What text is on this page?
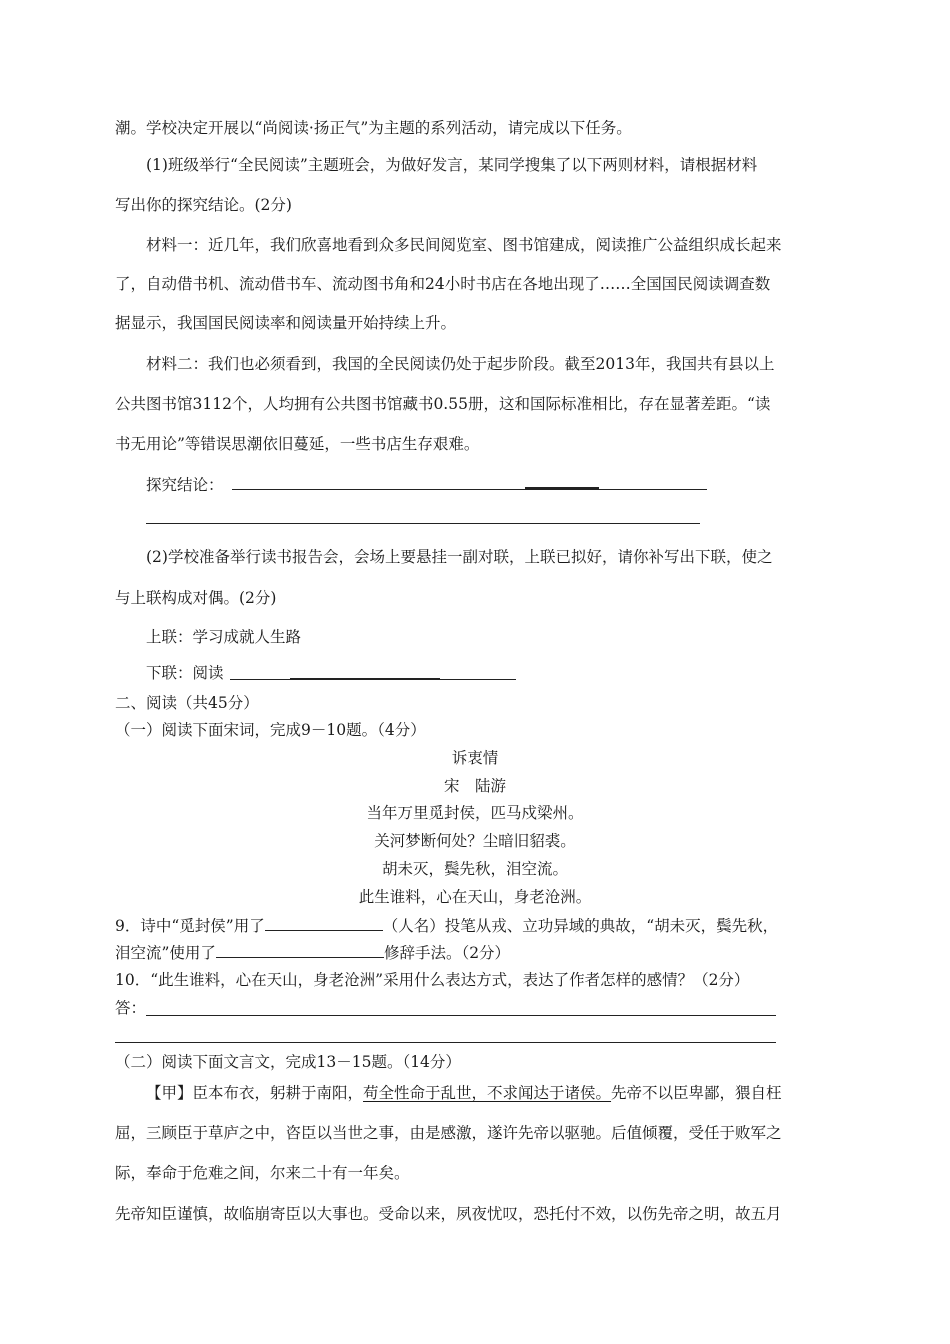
潮。学校决定开展以“尚阅读·扬正气”为主题的系列活动，请完成以下任务。
(1)班级举行“全民阅读”主题班会，为做好发言，某同学搜集了以下两则材料，请根据材料
写出你的探究结论。(2分)
材料一：近几年，我们欣喜地看到众多民间阅览室、图书馆建成，阅读推广公益组织成长起来
了，自动借书机、流动借书车、流动图书角和24小时书店在各地出现了……全国国民阅读调查数
据显示，我国国民阅读率和阅读量开始持续上升。
材料二：我们也必须看到，我国的全民阅读仍处于起步阶段。截至2013年，我国共有县以上
公共图书馆3112个，人均拥有公共图书馆藏书0.55册，这和国际标准相比，存在显著差距。“读
书无用论”等错误思潮依旧蔓延，一些书店生存艰难。
探究结论：
(2)学校准备举行读书报告会，会场上要悬挂一副对联，上联已拟好，请你补写出下联，使之
与上联构成对偶。(2分)
上联：学习成就人生路
下联：阅读
二、阅读（共45分）
（一）阅读下面宋词，完成9－10题。（4分）
诉衷情
宋　陆游
当年万里觅封侯，匹马戍梁州。
关河梦断何处？尘暗旧貂裘。
胡未灭，鬓先秋，泪空流。
此生谁料，心在天山，身老沧洲。
9．诗中“觅封侯”用了	（人名）投笔从戎、立功异域的典故，“胡未灭，鬓先秋，
泪空流”使用了	修辞手法。（2分）
10．“此生谁料，心在天山，身老沧洲”采用什么表达方式，表达了作者怎样的感情？（2分）
答：
（二）阅读下面文言文，完成13－15题。（14分）
【甲】臣本布衣，躬耕于南阳，苟全性命于乱世，不求闻达于诸侯。先帝不以臣卑鄙，猥自枉
屈，三顾臣于草庐之中，咨臣以当世之事，由是感激，遂许先帝以驱驰。后值倾覆，受任于败军之
际，奉命于危难之间，尔来二十有一年矣。
先帝知臣谨慎，故临崩寄臣以大事也。受命以来，夙夜忧叹，恐托付不效，以伤先帝之明，故五月
